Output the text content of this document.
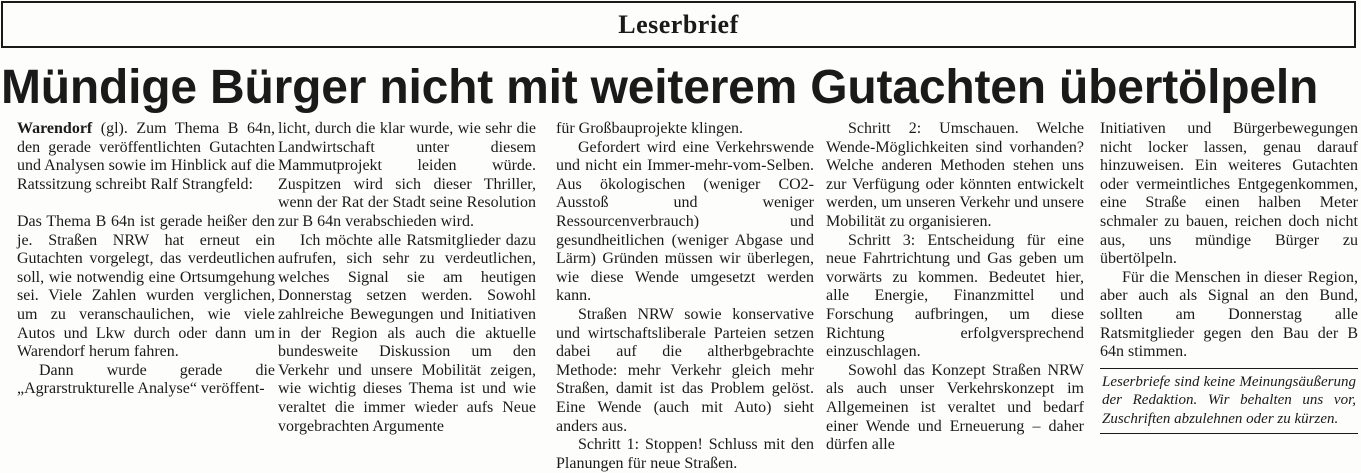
Leserbrief
Mündige Bürger nicht mit weiterem Gutachten übertölpeln

Warendorf (gl). Zum Thema B 64n, den gerade veröffentlichten Gutachten und Analysen sowie im Hinblick auf die Ratssitzung schreibt Ralf Strangfeld:

Das Thema B 64n ist gerade heißer den je. Straßen NRW hat erneut ein Gutachten vorgelegt, das verdeutlichen soll, wie notwendig eine Ortsumgehung sei. Viele Zahlen wurden verglichen, um zu veranschaulichen, wie viele Autos und Lkw durch oder dann um Warendorf herum fahren.

Dann wurde gerade die „Agrarstrukturelle Analyse“ veröffent-

licht, durch die klar wurde, wie sehr die Landwirtschaft unter diesem Mammutprojekt leiden würde. Zuspitzen wird sich dieser Thriller, wenn der Rat der Stadt seine Resolution zur B 64n verabschieden wird.

Ich möchte alle Ratsmitglieder dazu aufrufen, sich sehr zu verdeutlichen, welches Signal sie am heutigen Donnerstag setzen werden. Sowohl zahlreiche Bewegungen und Initiativen in der Region als auch die aktuelle bundesweite Diskussion um den Verkehr und unsere Mobilität zeigen, wie wichtig dieses Thema ist und wie veraltet die immer wieder aufs Neue vorgebrachten Argumente

für Großbauprojekte klingen.

Gefordert wird eine Verkehrswende und nicht ein Immer-mehr-vom-Selben. Aus ökologischen (weniger CO2-Ausstoß und weniger Ressourcenverbrauch) und gesundheitlichen (weniger Abgase und Lärm) Gründen müssen wir überlegen, wie diese Wende umgesetzt werden kann.

Straßen NRW sowie konservative und wirtschaftsliberale Parteien setzen dabei auf die altherbgebrachte Methode: mehr Verkehr gleich mehr Straßen, damit ist das Problem gelöst. Eine Wende (auch mit Auto) sieht anders aus.

Schritt 1: Stoppen! Schluss mit den Planungen für neue Straßen.

Schritt 2: Umschauen. Welche Wende-Möglichkeiten sind vorhanden? Welche anderen Methoden stehen uns zur Verfügung oder könnten entwickelt werden, um unseren Verkehr und unsere Mobilität zu organisieren.

Schritt 3: Entscheidung für eine neue Fahrtrichtung und Gas geben um vorwärts zu kommen. Bedeutet hier, alle Energie, Finanzmittel und Forschung aufbringen, um diese Richtung erfolgversprechend einzuschlagen.

Sowohl das Konzept Straßen NRW als auch unser Verkehrskonzept im Allgemeinen ist veraltet und bedarf einer Wende und Erneuerung – daher dürfen alle

Initiativen und Bürgerbewegungen nicht locker lassen, genau darauf hinzuweisen. Ein weiteres Gutachten oder vermeintliches Entgegenkommen, eine Straße einen halben Meter schmaler zu bauen, reichen doch nicht aus, uns mündige Bürger zu übertölpeln.

Für die Menschen in dieser Region, aber auch als Signal an den Bund, sollten am Donnerstag alle Ratsmitglieder gegen den Bau der B 64n stimmen.

Leserbriefe sind keine Meinungsäußerung der Redaktion. Wir behalten uns vor, Zuschriften abzulehnen oder zu kürzen.
